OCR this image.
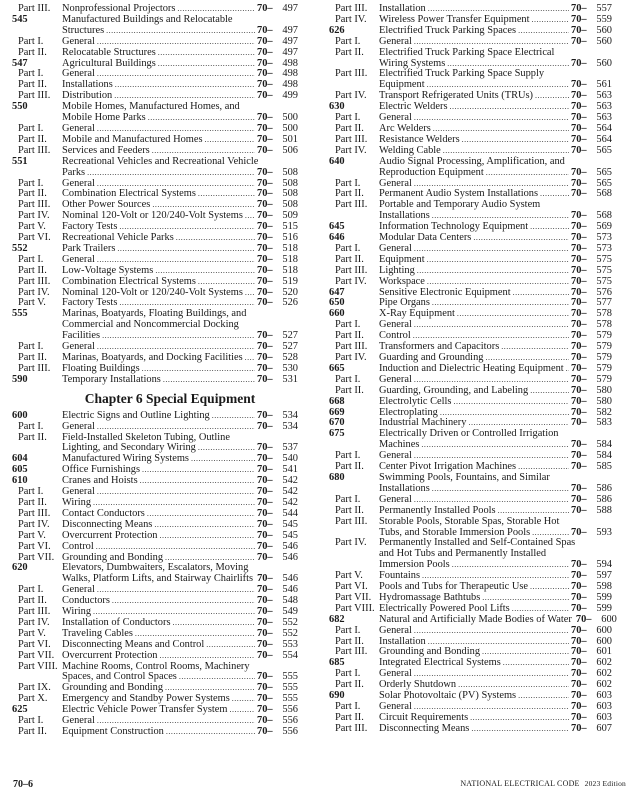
Part III.	Nonprofessional Projectors .....	70– 497
545	Manufactured Buildings and Relocatable
Structures .....	70– 497
Part I.	General .....	70– 497
Part II.	Relocatable Structures .....	70– 497
547	Agricultural Buildings .....	70– 498
Part I.	General .....	70– 498
Part II.	Installations .....	70– 498
Part III.	Distribution .....	70– 499
550	Mobile Homes, Manufactured Homes, and
Mobile Home Parks .....	70– 500
Part I.	General .....	70– 500
Part II.	Mobile and Manufactured Homes .....	70– 501
Part III.	Services and Feeders .....	70– 506
551	Recreational Vehicles and Recreational Vehicle
Parks .....	70– 508
Part I.	General .....	70– 508
Part II.	Combination Electrical Systems .....	70– 508
Part III.	Other Power Sources .....	70– 508
Part IV.	Nominal 120-Volt or 120/240-Volt Systems ..... 70– 509
Part V.	Factory Tests .....	70– 515
Part VI.	Recreational Vehicle Parks .....	70– 516
552	Park Trailers .....	70– 518
Part I.	General .....	70– 518
Part II.	Low-Voltage Systems .....	70– 518
Part III.	Combination Electrical Systems .....	70– 519
Part IV.	Nominal 120-Volt or 120/240-Volt Systems ..... 70– 520
Part V.	Factory Tests .....	70– 526
555	Marinas, Boatyards, Floating Buildings, and
Commercial and Noncommercial Docking
Facilities .....	70– 527
Part I.	General .....	70– 527
Part II.	Marinas, Boatyards, and Docking Facilities ..... 70– 528
Part III.	Floating Buildings .....	70– 530
590	Temporary Installations .....	70– 531
Chapter 6 Special Equipment
600	Electric Signs and Outline Lighting .....	70– 534
Part I.	General .....	70– 534
Part II.	Field-Installed Skeleton Tubing, Outline
Lighting, and Secondary Wiring .....	70– 537
604	Manufactured Wiring Systems .....	70– 540
605	Office Furnishings .....	70– 541
610	Cranes and Hoists .....	70– 542
Part I.	General .....	70– 542
Part II.	Wiring .....	70– 542
Part III.	Contact Conductors .....	70– 544
Part IV.	Disconnecting Means .....	70– 545
Part V.	Overcurrent Protection .....	70– 545
Part VI.	Control .....	70– 546
Part VII. Grounding and Bonding .....	70– 546
620	Elevators, Dumbwaiters, Escalators, Moving
Walks, Platform Lifts, and Stairway Chairlifts 70– 546
Part I.	General .....	70– 546
Part II.	Conductors .....	70– 548
Part III.	Wiring .....	70– 549
Part IV.	Installation of Conductors .....	70– 552
Part V.	Traveling Cables .....	70– 552
Part VI.	Disconnecting Means and Control .....	70– 553
Part VII. Overcurrent Protection .....	70– 554
Part VIII. Machine Rooms, Control Rooms, Machinery
Spaces, and Control Spaces .....	70– 555
Part IX.	Grounding and Bonding .....	70– 555
Part X.	Emergency and Standby Power Systems .....	70– 555
625	Electric Vehicle Power Transfer System .....	70– 556
Part I.	General .....	70– 556
Part II.	Equipment Construction .....	70– 556
Part III.	Installation .....	70– 557
Part IV.	Wireless Power Transfer Equipment .....	70– 559
626	Electrified Truck Parking Spaces .....	70– 560
Part I.	General .....	70– 560
Part II.	Electrified Truck Parking Space Electrical
Wiring Systems .....	70– 560
Part III.	Electrified Truck Parking Space Supply
Equipment .....	70– 561
Part IV.	Transport Refrigerated Units (TRUs) .....	70– 563
630	Electric Welders .....	70– 563
Part I.	General .....	70– 563
Part II.	Arc Welders .....	70– 564
Part III.	Resistance Welders .....	70– 564
Part IV.	Welding Cable .....	70– 565
640	Audio Signal Processing, Amplification, and
Reproduction Equipment .....	70– 565
Part I.	General .....	70– 565
Part II.	Permanent Audio System Installations .....	70– 568
Part III.	Portable and Temporary Audio System
Installations .....	70– 568
645	Information Technology Equipment .....	70– 569
646	Modular Data Centers .....	70– 573
Part I.	General .....	70– 573
Part II.	Equipment .....	70– 575
Part III.	Lighting .....	70– 575
Part IV.	Workspace .....	70– 575
647	Sensitive Electronic Equipment .....	70– 576
650	Pipe Organs .....	70– 577
660	X-Ray Equipment .....	70– 578
Part I.	General .....	70– 578
Part II.	Control .....	70– 579
Part III.	Transformers and Capacitors .....	70– 579
Part IV.	Guarding and Grounding .....	70– 579
665	Induction and Dielectric Heating Equipment ..... 70– 579
Part I.	General .....	70– 579
Part II.	Guarding, Grounding, and Labeling .....	70– 580
668	Electrolytic Cells .....	70– 580
669	Electroplating .....	70– 582
670	Industrial Machinery .....	70– 583
675	Electrically Driven or Controlled Irrigation
Machines .....	70– 584
Part I.	General .....	70– 584
Part II.	Center Pivot Irrigation Machines .....	70– 585
680	Swimming Pools, Fountains, and Similar
Installations .....	70– 586
Part I.	General .....	70– 586
Part II.	Permanently Installed Pools .....	70– 588
Part III.	Storable Pools, Storable Spas, Storable Hot
Tubs, and Storable Immersion Pools .....	70– 593
Part IV.	Permanently Installed and Self-Contained Spas
and Hot Tubs and Permanently Installed
Immersion Pools .....	70– 594
Part V.	Fountains .....	70– 597
Part VI.	Pools and Tubs for Therapeutic Use .....	70– 598
Part VII. Hydromassage Bathtubs .....	70– 599
Part VIII. Electrically Powered Pool Lifts .....	70– 599
682	Natural and Artificially Made Bodies of Water 70– 600
Part I.	General .....	70– 600
Part II.	Installation .....	70– 600
Part III.	Grounding and Bonding .....	70– 601
685	Integrated Electrical Systems .....	70– 602
Part I.	General .....	70– 602
Part II.	Orderly Shutdown .....	70– 602
690	Solar Photovoltaic (PV) Systems .....	70– 603
Part I.	General .....	70– 603
Part II.	Circuit Requirements .....	70– 603
Part III.	Disconnecting Means .....	70– 607
70–6	NATIONAL ELECTRICAL CODE 2023 Edition
